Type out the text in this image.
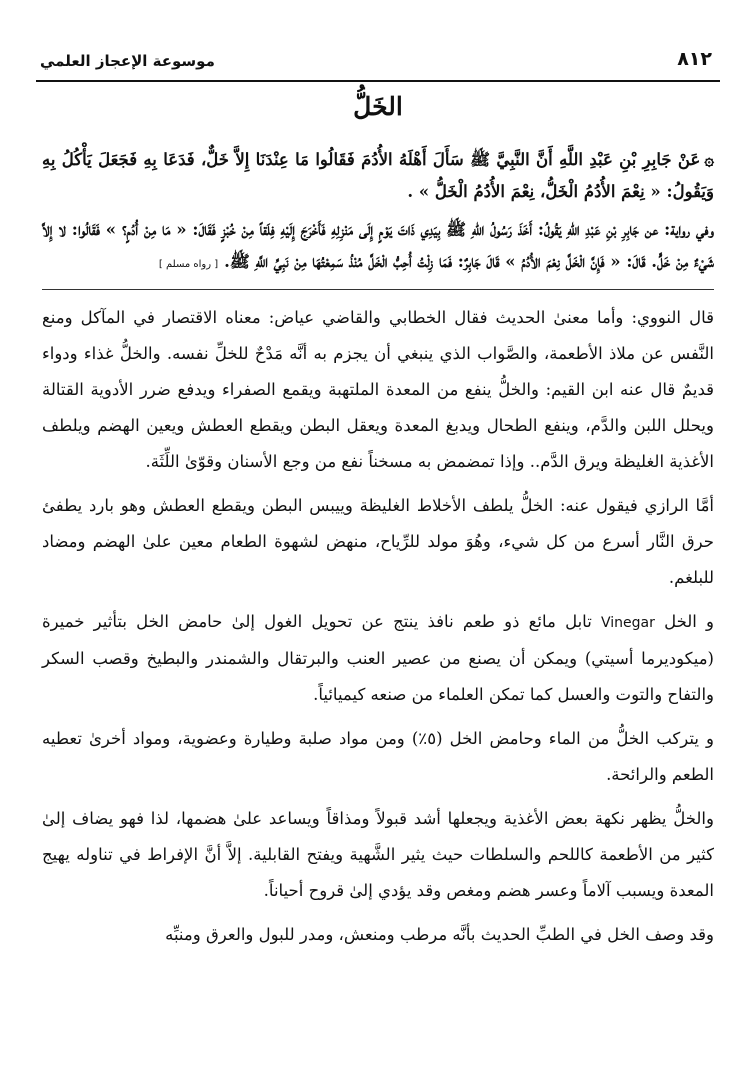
٨١٢
موسوعة الإعجاز العلمي
الخَلُّ

۞عَنْ جَابِرِ بْنِ عَبْدِ اللَّهِ أَنَّ النَّبِيَّ ﷺ سَأَلَ أَهْلَهُ الأُدُمَ فَقَالُوا مَا عِنْدَنَا إِلاَّ خَلٌّ، فَدَعَا بِهِ فَجَعَلَ يَأْكُلُ بِهِ وَيَقُولُ: « نِعْمَ الأُدُمُ الْخَلُّ، نِعْمَ الأُدُمُ الْخَلُّ » .

وفي رواية: عن جَابِرِ بْنِ عَبْدِ اللهِ يَقُولُ: أَخَذَ رَسُولُ اللهِ ﷺ بِيَدِي ذَاتَ يَوْمٍ إِلَى مَنْزِلِهِ فَأَخْرَجَ إِلَيْهِ فِلَقاً مِنْ خُبْزٍ فَقَالَ: « مَا مِنْ أُدُمٍ؟ » فَقَالُوا: لا إِلاَّ شَيْءٌ مِنْ خَلٍّ. قَالَ: « فَإِنَّ الْخَلَّ نِعْمَ الأُدُمُ » قَالَ جَابِرٌ: فَمَا زِلْتُ أُحِبُّ الْخَلَّ مُنْذُ سَمِعْتُهَا مِنْ نَبِيِّ اللَّهِ ﷺ.[ رواه مسلم ]

قال النووي: وأما معنىٰ الحديث فقال الخطابي والقاضي عياض: معناه الاقتصار في المآكل ومنع النَّفس عن ملاذ الأطعمة، والصَّواب الذي ينبغي أن يجزم به أنَّه مَدْحٌ للخلِّ نفسه. والخلُّ غذاء ودواء قديمٌ قال عنه ابن القيم: والخلُّ ينفع من المعدة الملتهبة ويقمع الصفراء ويدفع ضرر الأدوية القتالة ويحلل اللبن والدَّم، وينفع الطحال ويدبغ المعدة ويعقل البطن ويقطع العطش ويعين الهضم ويلطف الأغذية الغليظة ويرق الدَّم.. وإذا تمضمض به مسخناً نفع من وجع الأسنان وقوّىٰ اللِّثَة.

أمَّا الرازي فيقول عنه: الخلُّ يلطف الأخلاط الغليظة وييبس البطن ويقطع العطش وهو بارد يطفئ حرق النَّار أسرع من كل شيء، وهُوَ مولد للرِّياح، منهض لشهوة الطعام معين علىٰ الهضم ومضاد للبلغم.

و الخل Vinegar تابل مائع ذو طعم نافذ ينتج عن تحويل الغول إلىٰ حامض الخل بتأثير خميرة (ميكوديرما أسيتي) ويمكن أن يصنع من عصير العنب والبرتقال والشمندر والبطيخ وقصب السكر والتفاح والتوت والعسل كما تمكن العلماء من صنعه كيميائياً.

و يتركب الخلُّ من الماء وحامض الخل (٥٪) ومن مواد صلبة وطيارة وعضوية، ومواد أخرىٰ تعطيه الطعم والرائحة.

والخلُّ يظهر نكهة بعض الأغذية ويجعلها أشد قبولاً ومذاقاً ويساعد علىٰ هضمها، لذا فهو يضاف إلىٰ كثير من الأطعمة كاللحم والسلطات حيث يثير الشَّهية ويفتح القابلية. إلاَّ أنَّ الإفراط في تناوله يهيج المعدة ويسبب آلاماً وعسر هضم ومغص وقد يؤدي إلىٰ قروح أحياناً.

وقد وصف الخل في الطبِّ الحديث بأنَّه مرطب ومنعش، ومدر للبول والعرق ومنبِّه
